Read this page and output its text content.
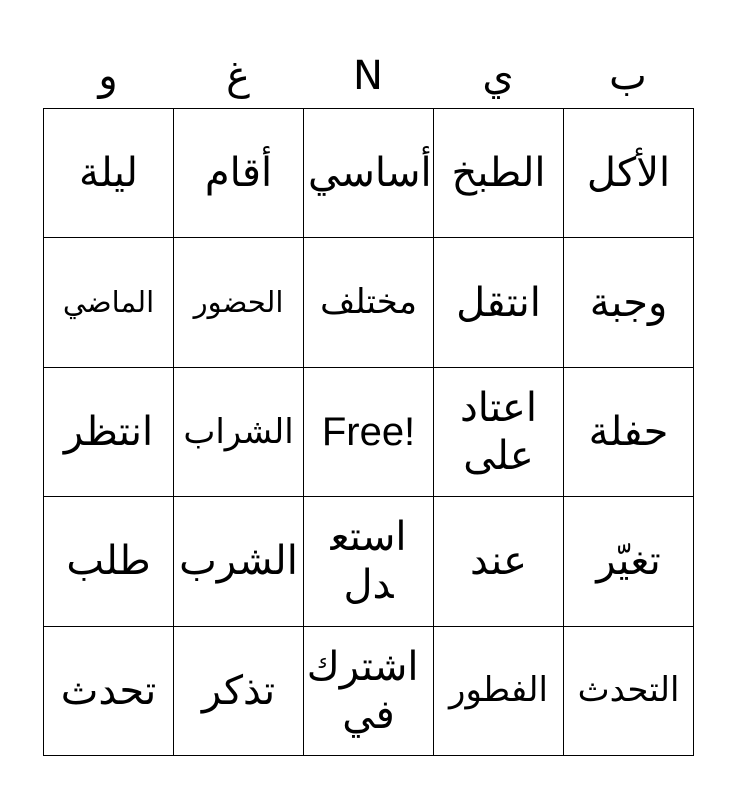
و	غ	N	ي	ب
ليلة	أقام	أساسي	الطبخ	الأكل
الماضي	الحضور	مختلف	انتقل	وجبة
انتظر	الشراب	Free!	اعتاد على	حفلة
طلب	الشرب	استعدل	عند	تغيّر
تحدث	تذكر	اشترك في	الفطور	التحدث
